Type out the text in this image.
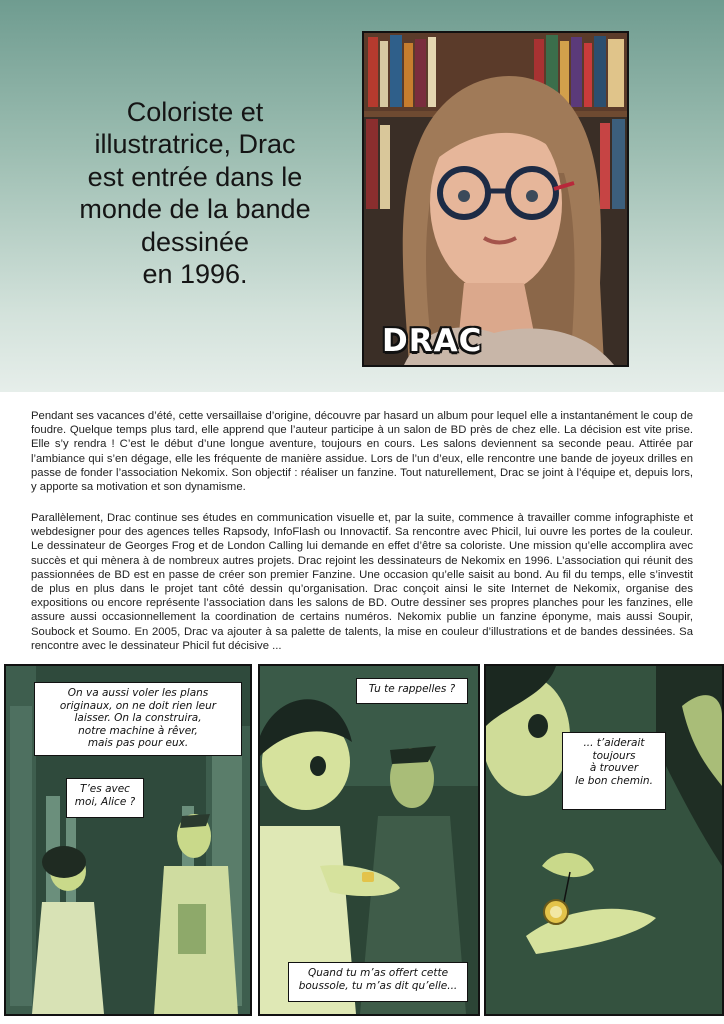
Coloriste et
illustratrice, Drac
est entrée dans le
monde de la bande
dessinée
en 1996.
DRAC

Pendant ses vacances d’été, cette versaillaise d’origine, découvre par hasard un album pour lequel elle a instantanément le coup de foudre. Quelque temps plus tard, elle apprend que l’auteur participe à un salon de BD près de chez elle. La décision est vite prise. Elle s’y rendra ! C’est le début d’une longue aventure, toujours en cours. Les salons deviennent sa seconde peau. Attirée par l’ambiance qui s’en dégage, elle les fréquente de manière assidue. Lors de l’un d’eux, elle rencontre une bande de joyeux drilles en passe de fonder l’association Nekomix. Son objectif : réaliser un fanzine. Tout naturellement, Drac se joint à l’équipe et, depuis lors, y apporte sa motivation et son dynamisme.

Parallèlement, Drac continue ses études en communication visuelle et, par la suite, commence à travailler comme infographiste et webdesigner pour des agences telles Rapsody, InfoFlash ou Innovactif. Sa rencontre avec Phicil, lui ouvre les portes de la couleur. Le dessinateur de Georges Frog et de London Calling lui demande en effet d’être sa coloriste. Une mission qu’elle accomplira avec succès et qui mènera à de nombreux autres projets. Drac rejoint les dessinateurs de Nekomix en 1996. L’association qui réunit des passionnées de BD est en passe de créer son premier Fanzine. Une occasion qu’elle saisit au bond. Au fil du temps, elle s’investit de plus en plus dans le projet tant côté dessin qu’organisation. Drac conçoit ainsi le site Internet de Nekomix, organise des expositions ou encore représente l’association dans les salons de BD. Outre dessiner ses propres planches pour les fanzines, elle assure aussi occasionnellement la coordination de certains numéros. Nekomix publie un fanzine éponyme, mais aussi Soupir, Soubock et Soumo. En 2005, Drac va ajouter à sa palette de talents, la mise en couleur d’illustrations et de bandes dessinées. Sa rencontre avec le dessinateur Phicil fut décisive ...

On va aussi voler les plans
originaux, on ne doit rien leur
laisser. On la construira,
notre machine à rêver,
mais pas pour eux.
T’es avec
moi, Alice ?
Tu te rappelles ?
Quand tu m’as offert cette
boussole, tu m’as dit qu’elle...
... t’aiderait
toujours
à trouver
le bon chemin.
